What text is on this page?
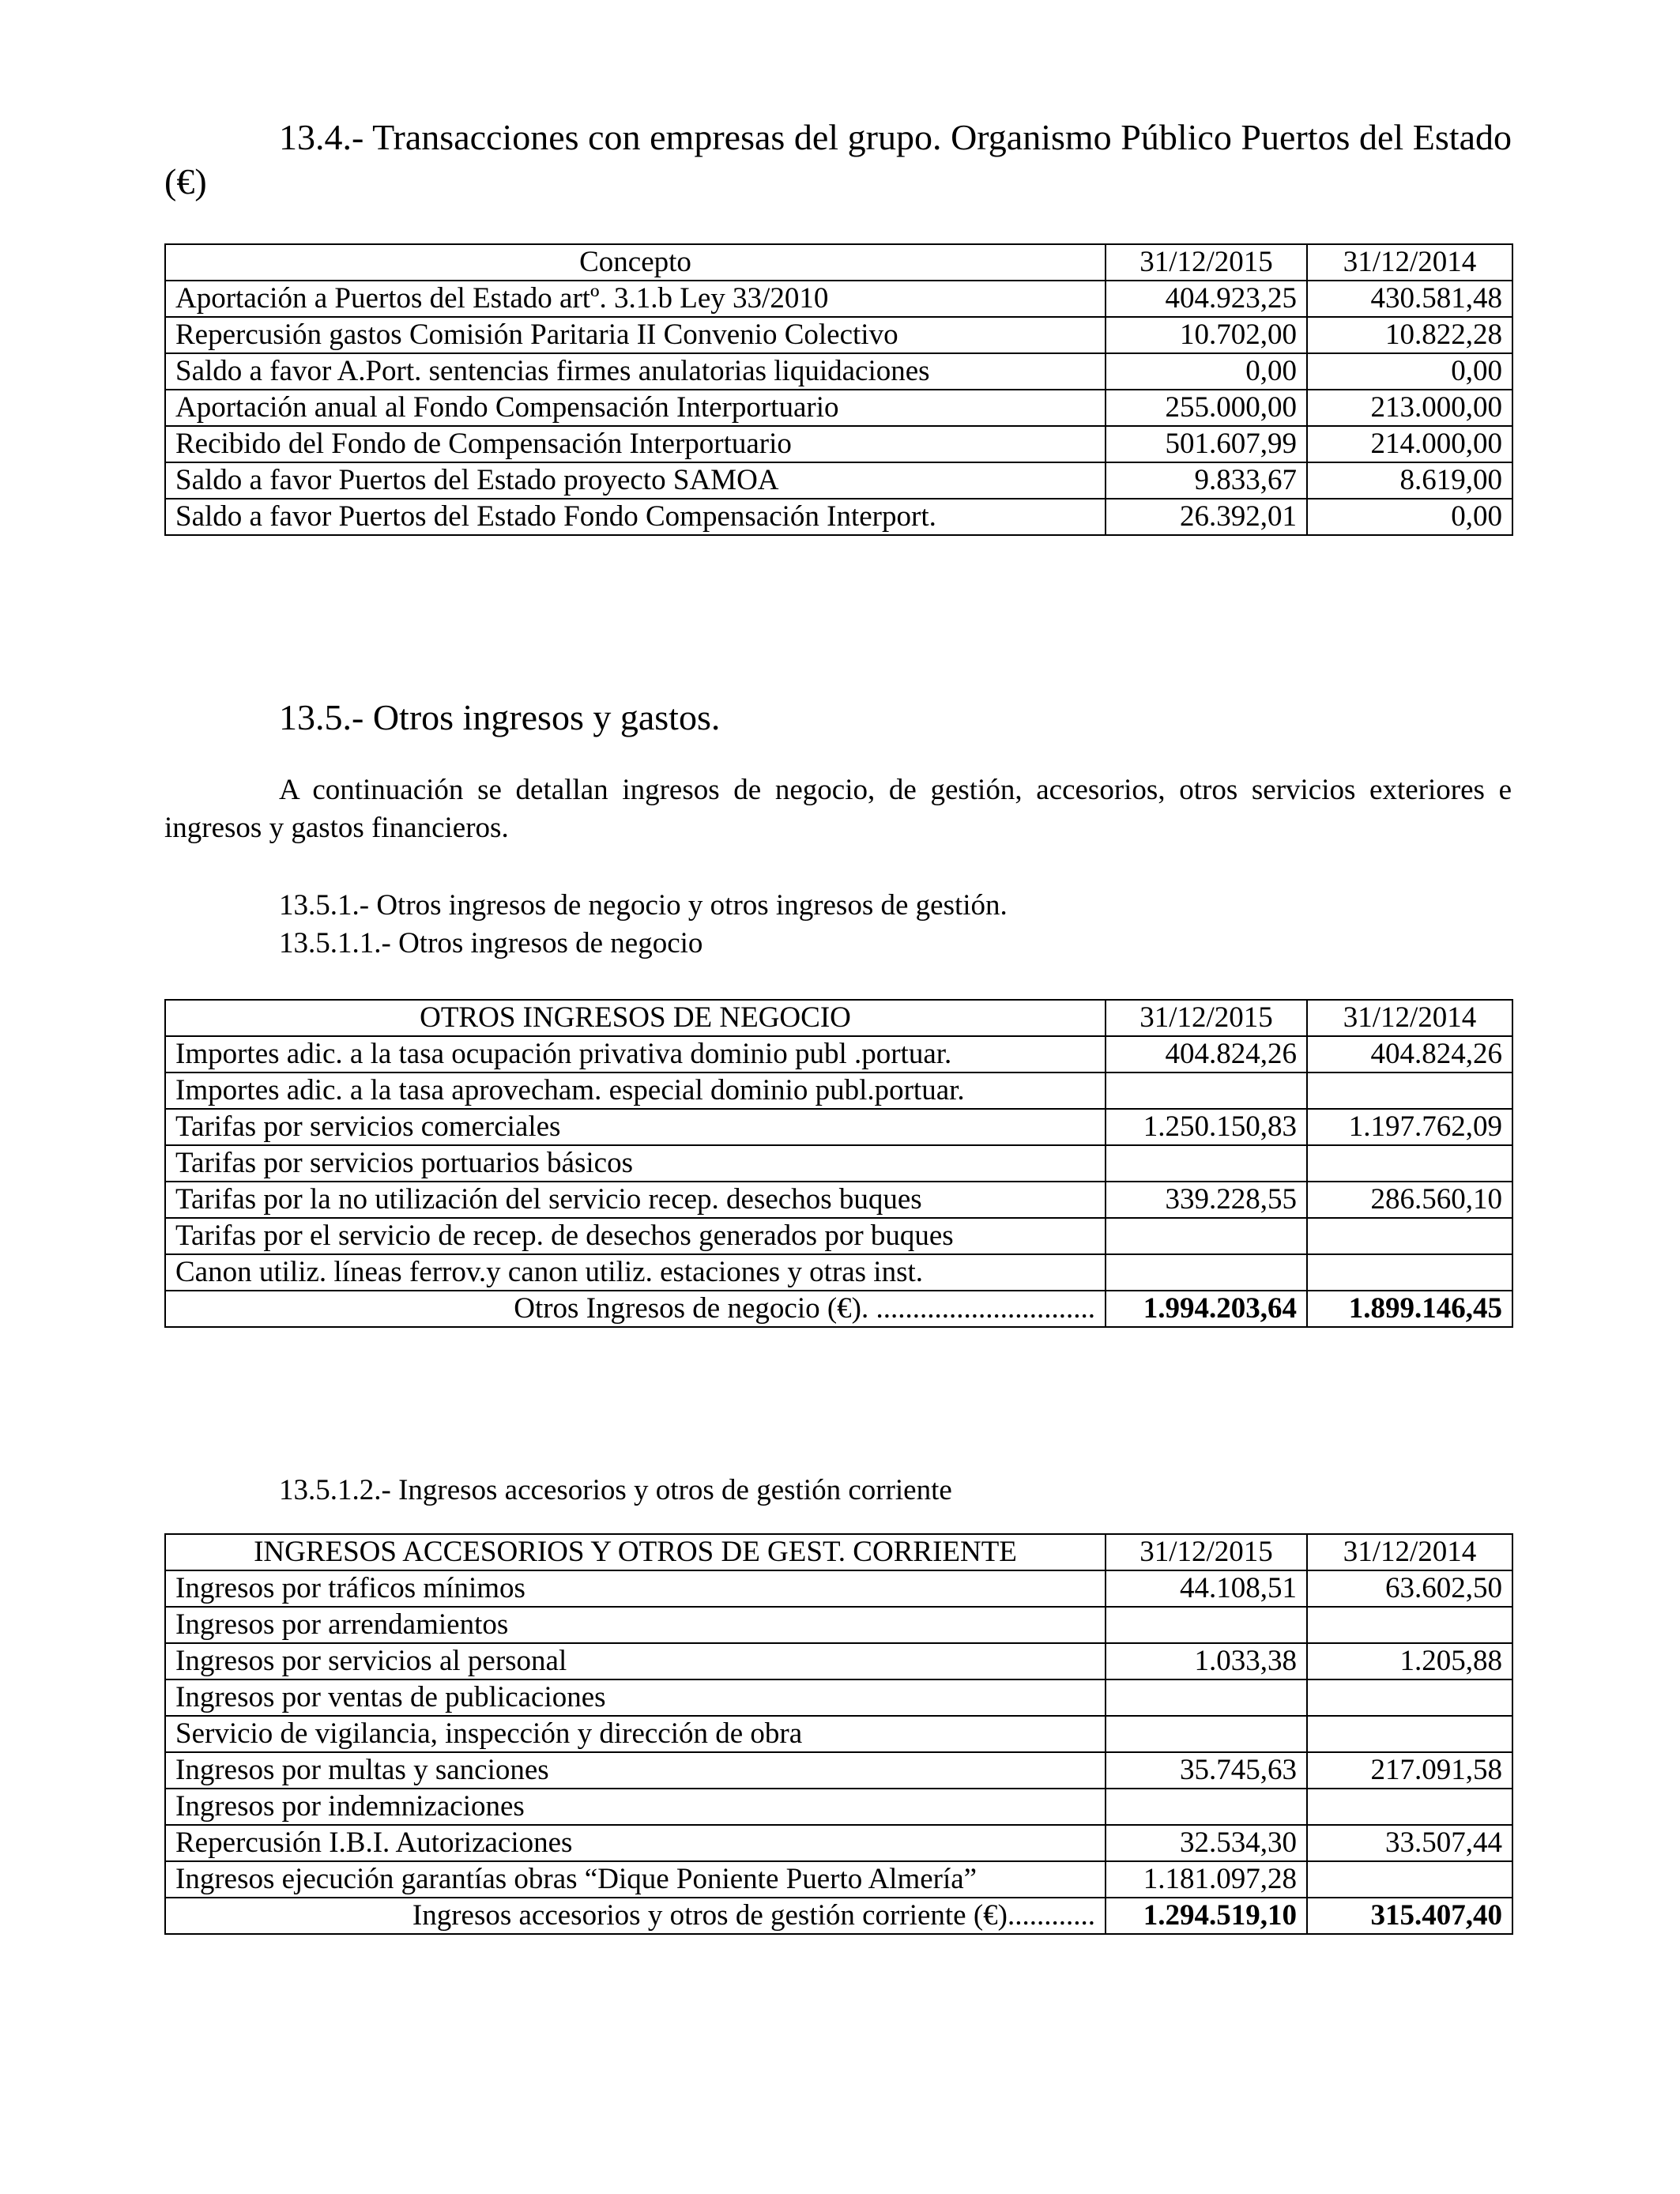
13.4.- Transacciones con empresas del grupo. Organismo Público Puertos del Estado (€)
Concepto	31/12/2015	31/12/2014
Aportación a Puertos del Estado artº. 3.1.b Ley 33/2010	404.923,25	430.581,48
Repercusión gastos Comisión Paritaria II Convenio Colectivo	10.702,00	10.822,28
Saldo a favor A.Port. sentencias firmes anulatorias liquidaciones	0,00	0,00
Aportación anual al Fondo Compensación Interportuario	255.000,00	213.000,00
Recibido del Fondo de Compensación Interportuario	501.607,99	214.000,00
Saldo a favor Puertos del Estado proyecto SAMOA	9.833,67	8.619,00
Saldo a favor Puertos del Estado Fondo Compensación Interport.	26.392,01	0,00
13.5.- Otros ingresos y gastos.

A continuación se detallan ingresos de negocio, de gestión, accesorios, otros servicios exteriores e ingresos y gastos financieros.

13.5.1.- Otros ingresos de negocio y otros ingresos de gestión.

13.5.1.1.- Otros ingresos de negocio

OTROS INGRESOS DE NEGOCIO	31/12/2015	31/12/2014
Importes adic. a la tasa ocupación privativa dominio publ .portuar.	404.824,26	404.824,26
Importes adic. a la tasa aprovecham. especial dominio publ.portuar.		
Tarifas por servicios comerciales	1.250.150,83	1.197.762,09
Tarifas por servicios portuarios básicos		
Tarifas por la no utilización del servicio recep. desechos buques	339.228,55	286.560,10
Tarifas por el servicio de recep. de desechos generados por buques		
Canon utiliz. líneas ferrov.y canon utiliz. estaciones y otras inst.		
Otros Ingresos de negocio (€). ..............................	1.994.203,64	1.899.146,45

13.5.1.2.- Ingresos accesorios y otros de gestión corriente

INGRESOS ACCESORIOS Y OTROS DE GEST. CORRIENTE	31/12/2015	31/12/2014
Ingresos por tráficos mínimos	44.108,51	63.602,50
Ingresos por arrendamientos		
Ingresos por servicios al personal	1.033,38	1.205,88
Ingresos por ventas de publicaciones		
Servicio de vigilancia, inspección y dirección de obra		
Ingresos por multas y sanciones	35.745,63	217.091,58
Ingresos por indemnizaciones		
Repercusión I.B.I. Autorizaciones	32.534,30	33.507,44
Ingresos ejecución garantías obras “Dique Poniente Puerto Almería”	1.181.097,28	
Ingresos accesorios y otros de gestión corriente (€)............	1.294.519,10	315.407,40
